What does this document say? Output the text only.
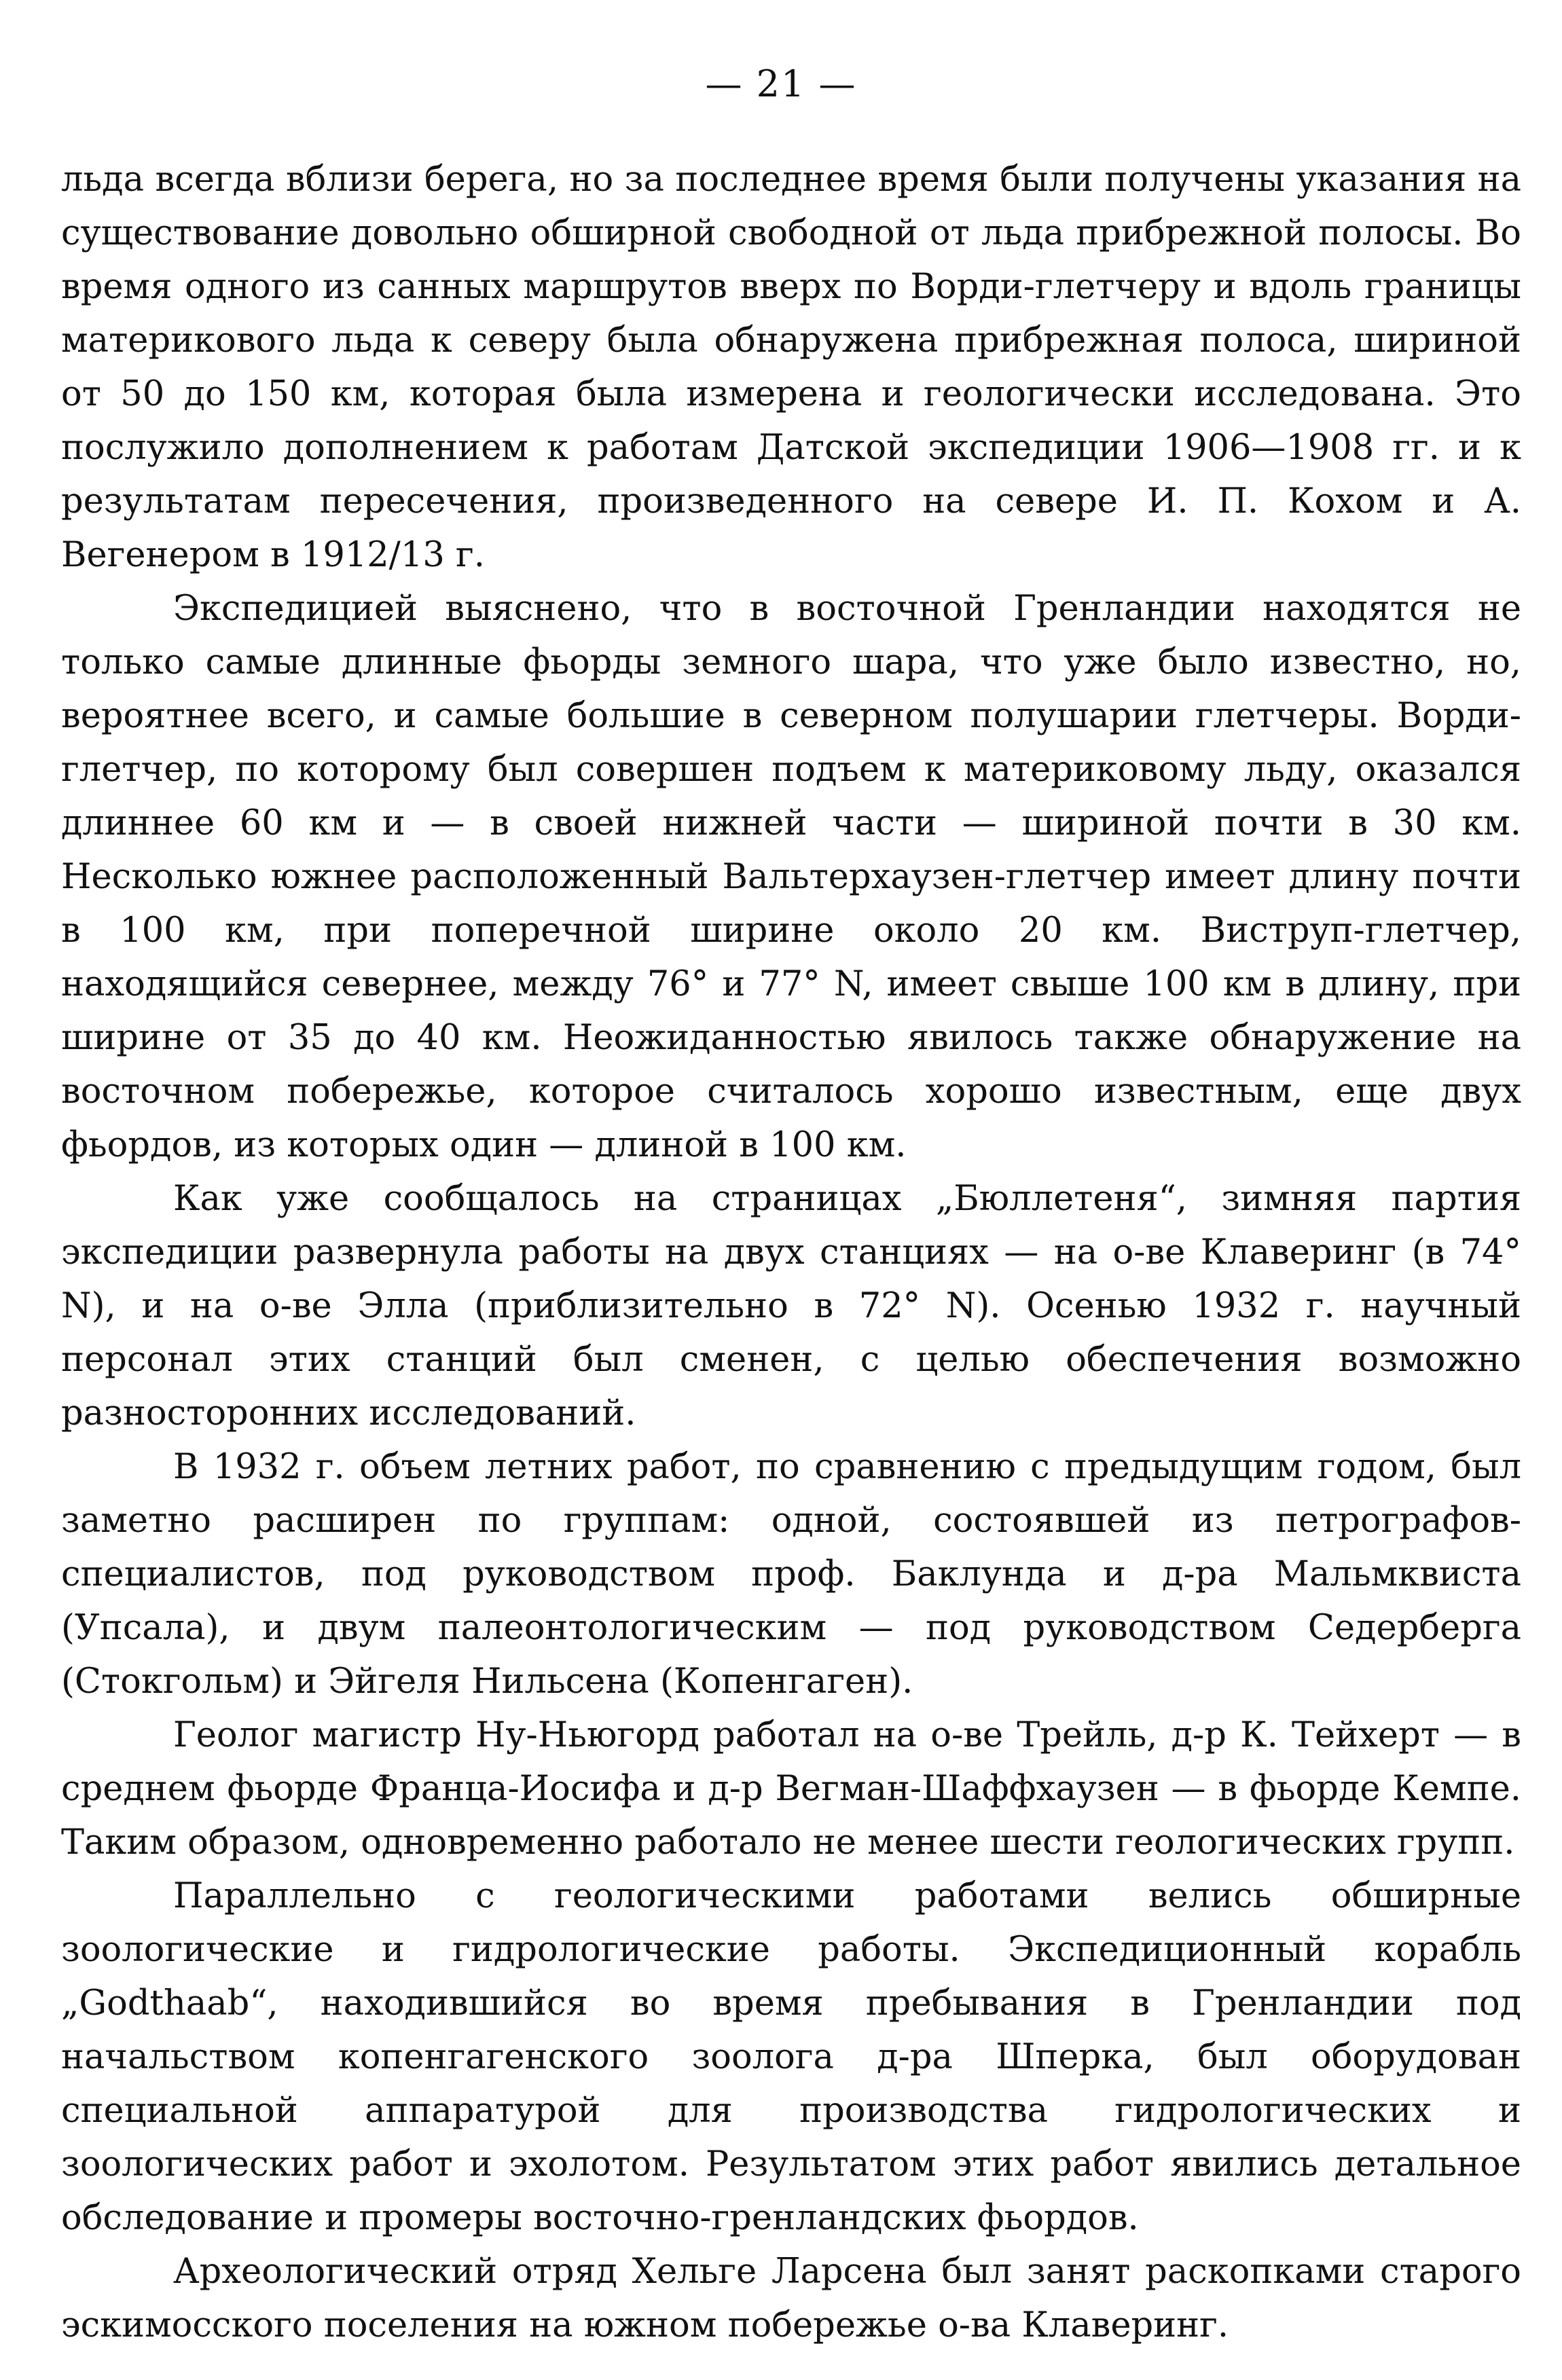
— 21 —

льда всегда вблизи берега, но за последнее время были получены указания на существование довольно обширной свободной от льда прибрежной полосы. Во время одного из санных маршрутов вверх по Ворди-глетчеру и вдоль границы материкового льда к северу была обнаружена прибрежная полоса, шириной от 50 до 150 км, которая была измерена и геологически исследована. Это послужило дополнением к работам Датской экспедиции 1906—1908 гг. и к результатам пересечения, произведенного на севере И. П. Кохом и А. Вегенером в 1912/13 г.

Экспедицией выяснено, что в восточной Гренландии находятся не только самые длинные фьорды земного шара, что уже было известно, но, вероятнее всего, и самые большие в северном полушарии глетчеры. Ворди-глетчер, по которому был совершен подъем к материковому льду, оказался длиннее 60 км и — в своей нижней части — шириной почти в 30 км. Несколько южнее расположенный Вальтерхаузен-глетчер имеет длину почти в 100 км, при поперечной ширине около 20 км. Виструп-глетчер, находящийся севернее, между 76° и 77° N, имеет свыше 100 км в длину, при ширине от 35 до 40 км. Неожиданностью явилось также обнаружение на восточном побережье, которое считалось хорошо известным, еще двух фьордов, из которых один — длиной в 100 км.

Как уже сообщалось на страницах „Бюллетеня“, зимняя партия экспедиции развернула работы на двух станциях — на о-ве Клаверинг (в 74° N), и на о-ве Элла (приблизительно в 72° N). Осенью 1932 г. научный персонал этих станций был сменен, с целью обеспечения возможно разносторонних исследований.

В 1932 г. объем летних работ, по сравнению с предыдущим годом, был заметно расширен по группам: одной, состоявшей из петрографов-специалистов, под руководством проф. Баклунда и д-ра Мальмквиста (Упсала), и двум палеонтологическим — под руководством Седерберга (Стокгольм) и Эйгеля Нильсена (Копенгаген).

Геолог магистр Ну-Ньюгорд работал на о-ве Трейль, д-р К. Тейхерт — в среднем фьорде Франца-Иосифа и д-р Вегман-Шаффхаузен — в фьорде Кемпе. Таким образом, одновременно работало не менее шести геологических групп.

Параллельно с геологическими работами велись обширные зоологические и гидрологические работы. Экспедиционный корабль „Godthaab“, находившийся во время пребывания в Гренландии под начальством копенгагенского зоолога д-ра Шперка, был оборудован специальной аппаратурой для производства гидрологических и зоологических работ и эхолотом. Результатом этих работ явились детальное обследование и промеры восточно-гренландских фьордов.

Археологический отряд Хельге Ларсена был занят раскопками старого эскимосского поселения на южном побережье о-ва Клаверинг.
